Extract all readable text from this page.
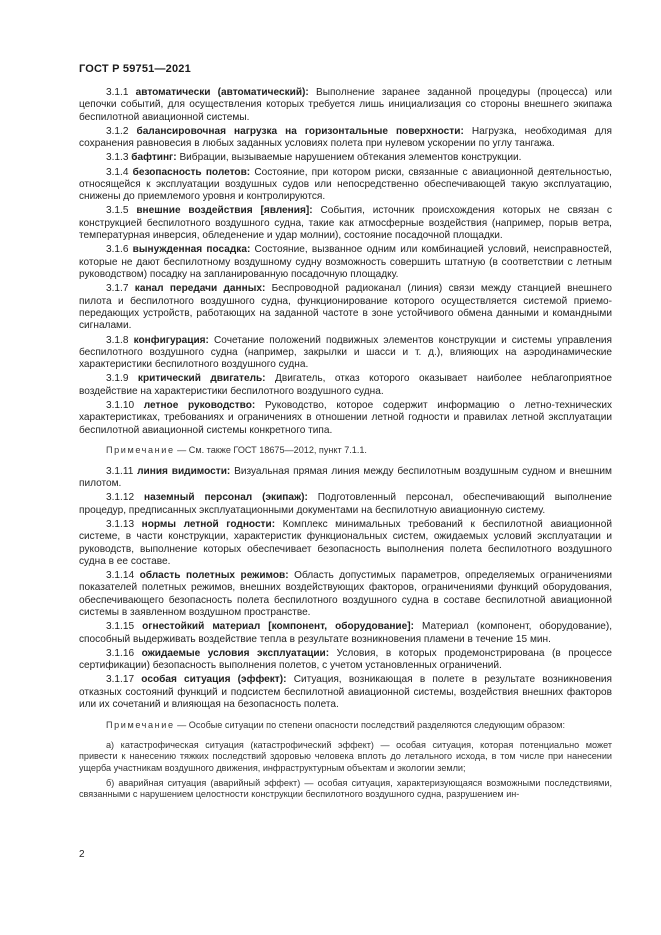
ГОСТ Р 59751—2021

3.1.1 автоматически (автоматический): Выполнение заранее заданной процедуры (процесса) или цепочки событий, для осуществления которых требуется лишь инициализация со стороны внешнего экипажа беспилотной авиационной системы.

3.1.2 балансировочная нагрузка на горизонтальные поверхности: Нагрузка, необходимая для сохранения равновесия в любых заданных условиях полета при нулевом ускорении по углу тангажа.

3.1.3 бафтинг: Вибрации, вызываемые нарушением обтекания элементов конструкции.

3.1.4 безопасность полетов: Состояние, при котором риски, связанные с авиационной деятельностью, относящейся к эксплуатации воздушных судов или непосредственно обеспечивающей такую эксплуатацию, снижены до приемлемого уровня и контролируются.

3.1.5 внешние воздействия [явления]: События, источник происхождения которых не связан с конструкцией беспилотного воздушного судна, такие как атмосферные воздействия (например, порыв ветра, температурная инверсия, обледенение и удар молнии), состояние посадочной площадки.

3.1.6 вынужденная посадка: Состояние, вызванное одним или комбинацией условий, неисправностей, которые не дают беспилотному воздушному судну возможность совершить штатную (в соответствии с летным руководством) посадку на запланированную посадочную площадку.

3.1.7 канал передачи данных: Беспроводной радиоканал (линия) связи между станцией внешнего пилота и беспилотного воздушного судна, функционирование которого осуществляется системой приемо-передающих устройств, работающих на заданной частоте в зоне устойчивого обмена данными и командными сигналами.

3.1.8 конфигурация: Сочетание положений подвижных элементов конструкции и системы управления беспилотного воздушного судна (например, закрылки и шасси и т. д.), влияющих на аэродинамические характеристики беспилотного воздушного судна.

3.1.9 критический двигатель: Двигатель, отказ которого оказывает наиболее неблагоприятное воздействие на характеристики беспилотного воздушного судна.

3.1.10 летное руководство: Руководство, которое содержит информацию о летно-технических характеристиках, требованиях и ограничениях в отношении летной годности и правилах летной эксплуатации беспилотной авиационной системы конкретного типа.

Примечание — См. также ГОСТ 18675—2012, пункт 7.1.1.

3.1.11 линия видимости: Визуальная прямая линия между беспилотным воздушным судном и внешним пилотом.

3.1.12 наземный персонал (экипаж): Подготовленный персонал, обеспечивающий выполнение процедур, предписанных эксплуатационными документами на беспилотную авиационную систему.

3.1.13 нормы летной годности: Комплекс минимальных требований к беспилотной авиационной системе, в части конструкции, характеристик функциональных систем, ожидаемых условий эксплуатации и руководств, выполнение которых обеспечивает безопасность выполнения полета беспилотного воздушного судна в ее составе.

3.1.14 область полетных режимов: Область допустимых параметров, определяемых ограничениями показателей полетных режимов, внешних воздействующих факторов, ограничениями функций оборудования, обеспечивающего безопасность полета беспилотного воздушного судна в составе беспилотной авиационной системы в заявленном воздушном пространстве.

3.1.15 огнестойкий материал [компонент, оборудование]: Материал (компонент, оборудование), способный выдерживать воздействие тепла в результате возникновения пламени в течение 15 мин.

3.1.16 ожидаемые условия эксплуатации: Условия, в которых продемонстрирована (в процессе сертификации) безопасность выполнения полетов, с учетом установленных ограничений.

3.1.17 особая ситуация (эффект): Ситуация, возникающая в полете в результате возникновения отказных состояний функций и подсистем беспилотной авиационной системы, воздействия внешних факторов или их сочетаний и влияющая на безопасность полета.

Примечание — Особые ситуации по степени опасности последствий разделяются следующим образом:

а) катастрофическая ситуация (катастрофический эффект) — особая ситуация, которая потенциально может привести к нанесению тяжких последствий здоровью человека вплоть до летального исхода, в том числе при нанесении ущерба участникам воздушного движения, инфраструктурным объектам и экологии земли;

б) аварийная ситуация (аварийный эффект) — особая ситуация, характеризующаяся возможными последствиями, связанными с нарушением целостности конструкции беспилотного воздушного судна, разрушением ин-

2
